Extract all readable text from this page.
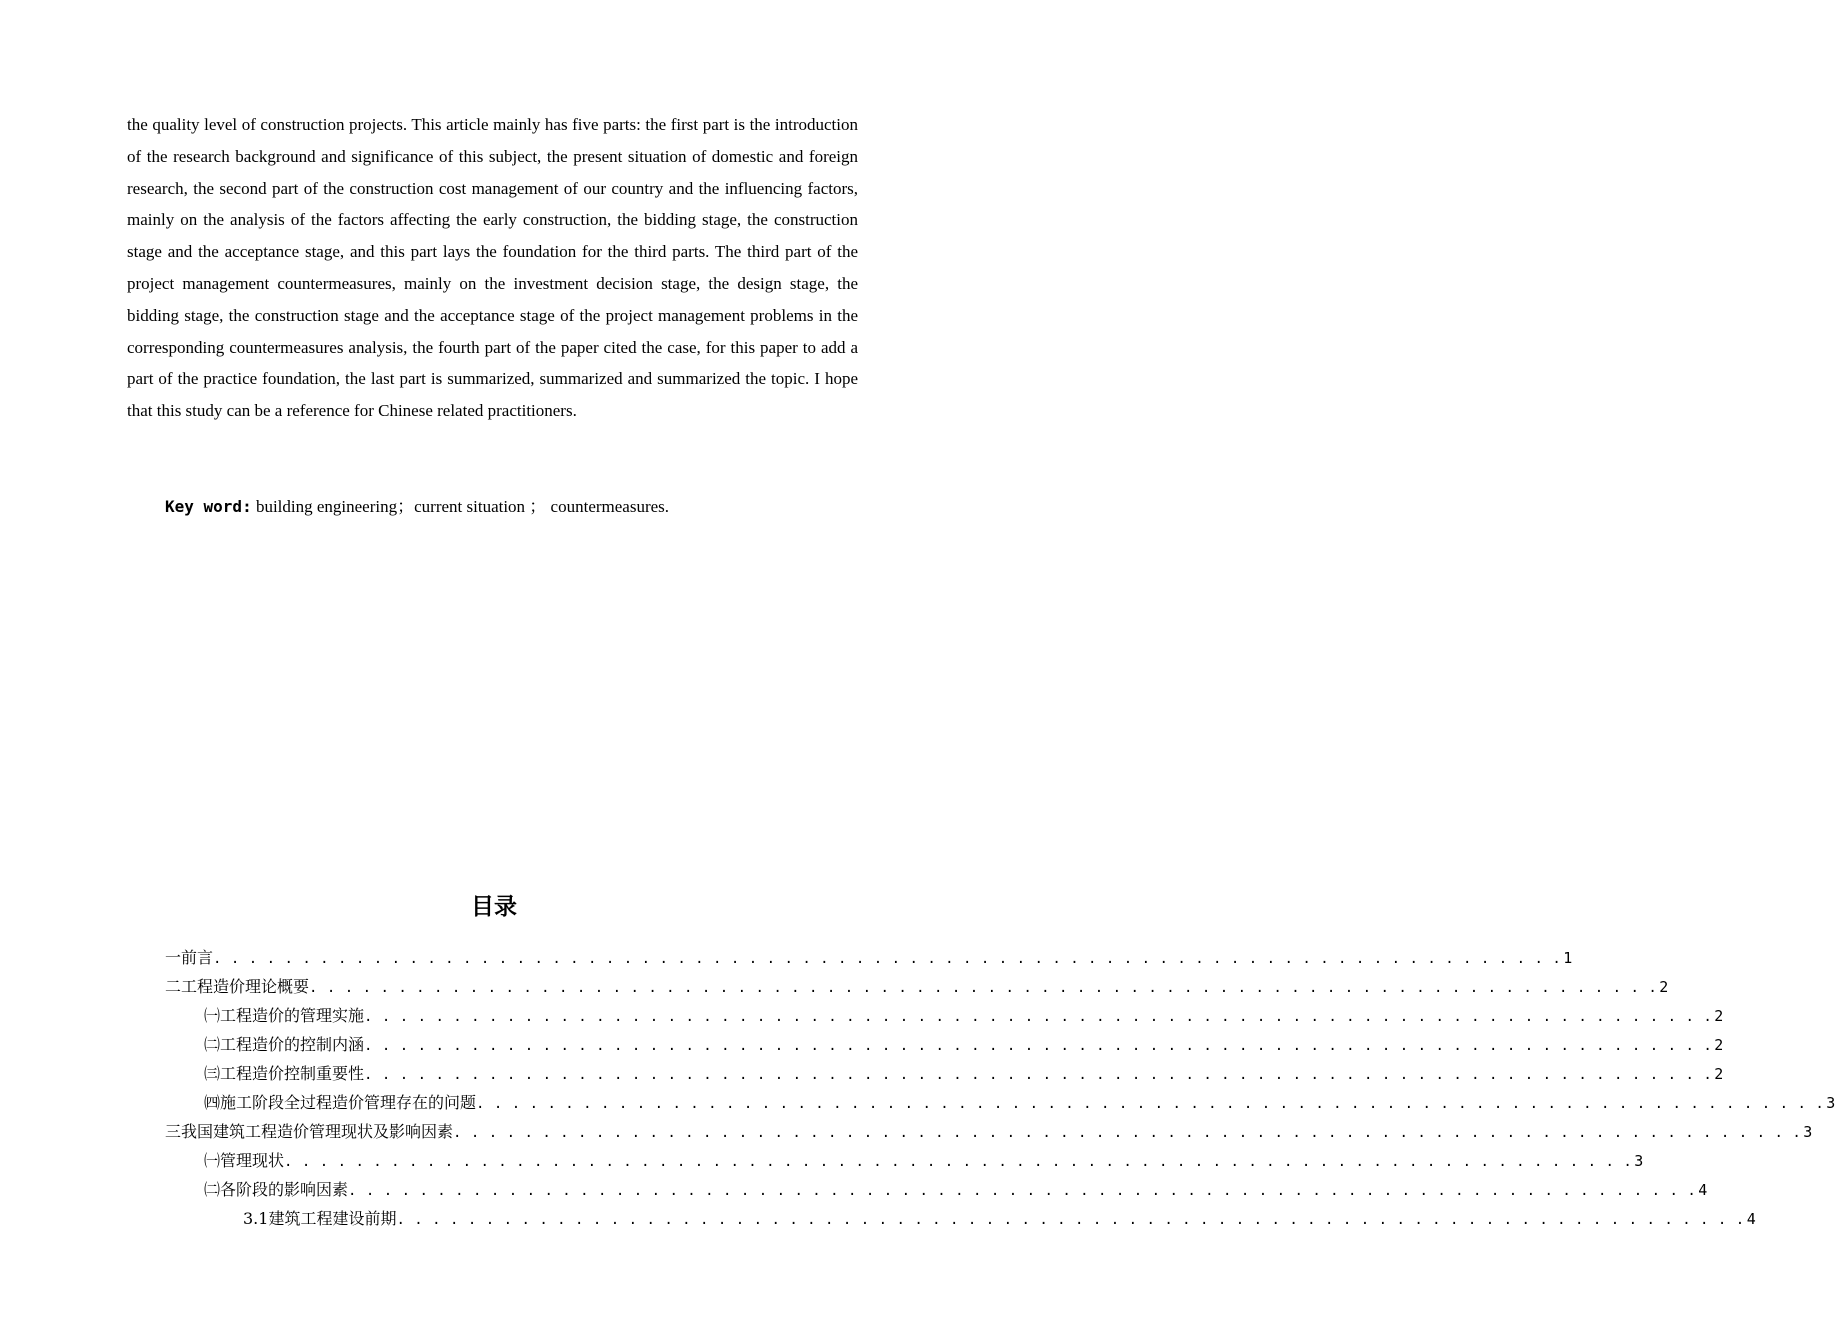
the quality level of construction projects. This article mainly has five parts: the first part is the introduction of the research background and significance of this subject, the present situation of domestic and foreign research, the second part of the construction cost management of our country and the influencing factors, mainly on the analysis of the factors affecting the early construction, the bidding stage, the construction stage and the acceptance stage, and this part lays the foundation for the third parts. The third part of the project management countermeasures, mainly on the investment decision stage, the design stage, the bidding stage, the construction stage and the acceptance stage of the project management problems in the corresponding countermeasures analysis, the fourth part of the paper cited the case, for this paper to add a part of the practice foundation, the last part is summarized, summarized and summarized the topic. I hope that this study can be a reference for Chinese related practitioners.

Key word: building engineering；current situation ； countermeasures.
目录
一 前言 . . . . . . . . . . . . . . . . . . . . . . . . . . . . . . . . . . . . . . . . . . . . . . . . . . . . . . . . . . . . . . . . . . . . . . . . . . . . 1
二 工程造价理论概要 . . . . . . . . . . . . . . . . . . . . . . . . . . . . . . . . . . . . . . . . . . . . . . . . . . . . . . . . . . . . . . . . . . . . . . . . . . . . 2
㈠工程造价的管理实施 . . . . . . . . . . . . . . . . . . . . . . . . . . . . . . . . . . . . . . . . . . . . . . . . . . . . . . . . . . . . . . . . . . . . . . . . . . . . 2
㈡工程造价的控制内涵 . . . . . . . . . . . . . . . . . . . . . . . . . . . . . . . . . . . . . . . . . . . . . . . . . . . . . . . . . . . . . . . . . . . . . . . . . . . . 2
㈢工程造价控制重要性 . . . . . . . . . . . . . . . . . . . . . . . . . . . . . . . . . . . . . . . . . . . . . . . . . . . . . . . . . . . . . . . . . . . . . . . . . . . . 2
㈣施工阶段全过程造价管理存在的问题 . . . . . . . . . . . . . . . . . . . . . . . . . . . . . . . . . . . . . . . . . . . . . . . . . . . . . . . . . . . . . . . . . . . . . . . . . . . . 3
三 我国建筑工程造价管理现状及影响因素 . . . . . . . . . . . . . . . . . . . . . . . . . . . . . . . . . . . . . . . . . . . . . . . . . . . . . . . . . . . . . . . . . . . . . . . . . . . . 3
㈠管理现状 . . . . . . . . . . . . . . . . . . . . . . . . . . . . . . . . . . . . . . . . . . . . . . . . . . . . . . . . . . . . . . . . . . . . . . . . . . . . 3
㈡各阶段的影响因素 . . . . . . . . . . . . . . . . . . . . . . . . . . . . . . . . . . . . . . . . . . . . . . . . . . . . . . . . . . . . . . . . . . . . . . . . . . . . 4
3.1建筑工程建设前期 . . . . . . . . . . . . . . . . . . . . . . . . . . . . . . . . . . . . . . . . . . . . . . . . . . . . . . . . . . . . . . . . . . . . . . . . . . . . 4
